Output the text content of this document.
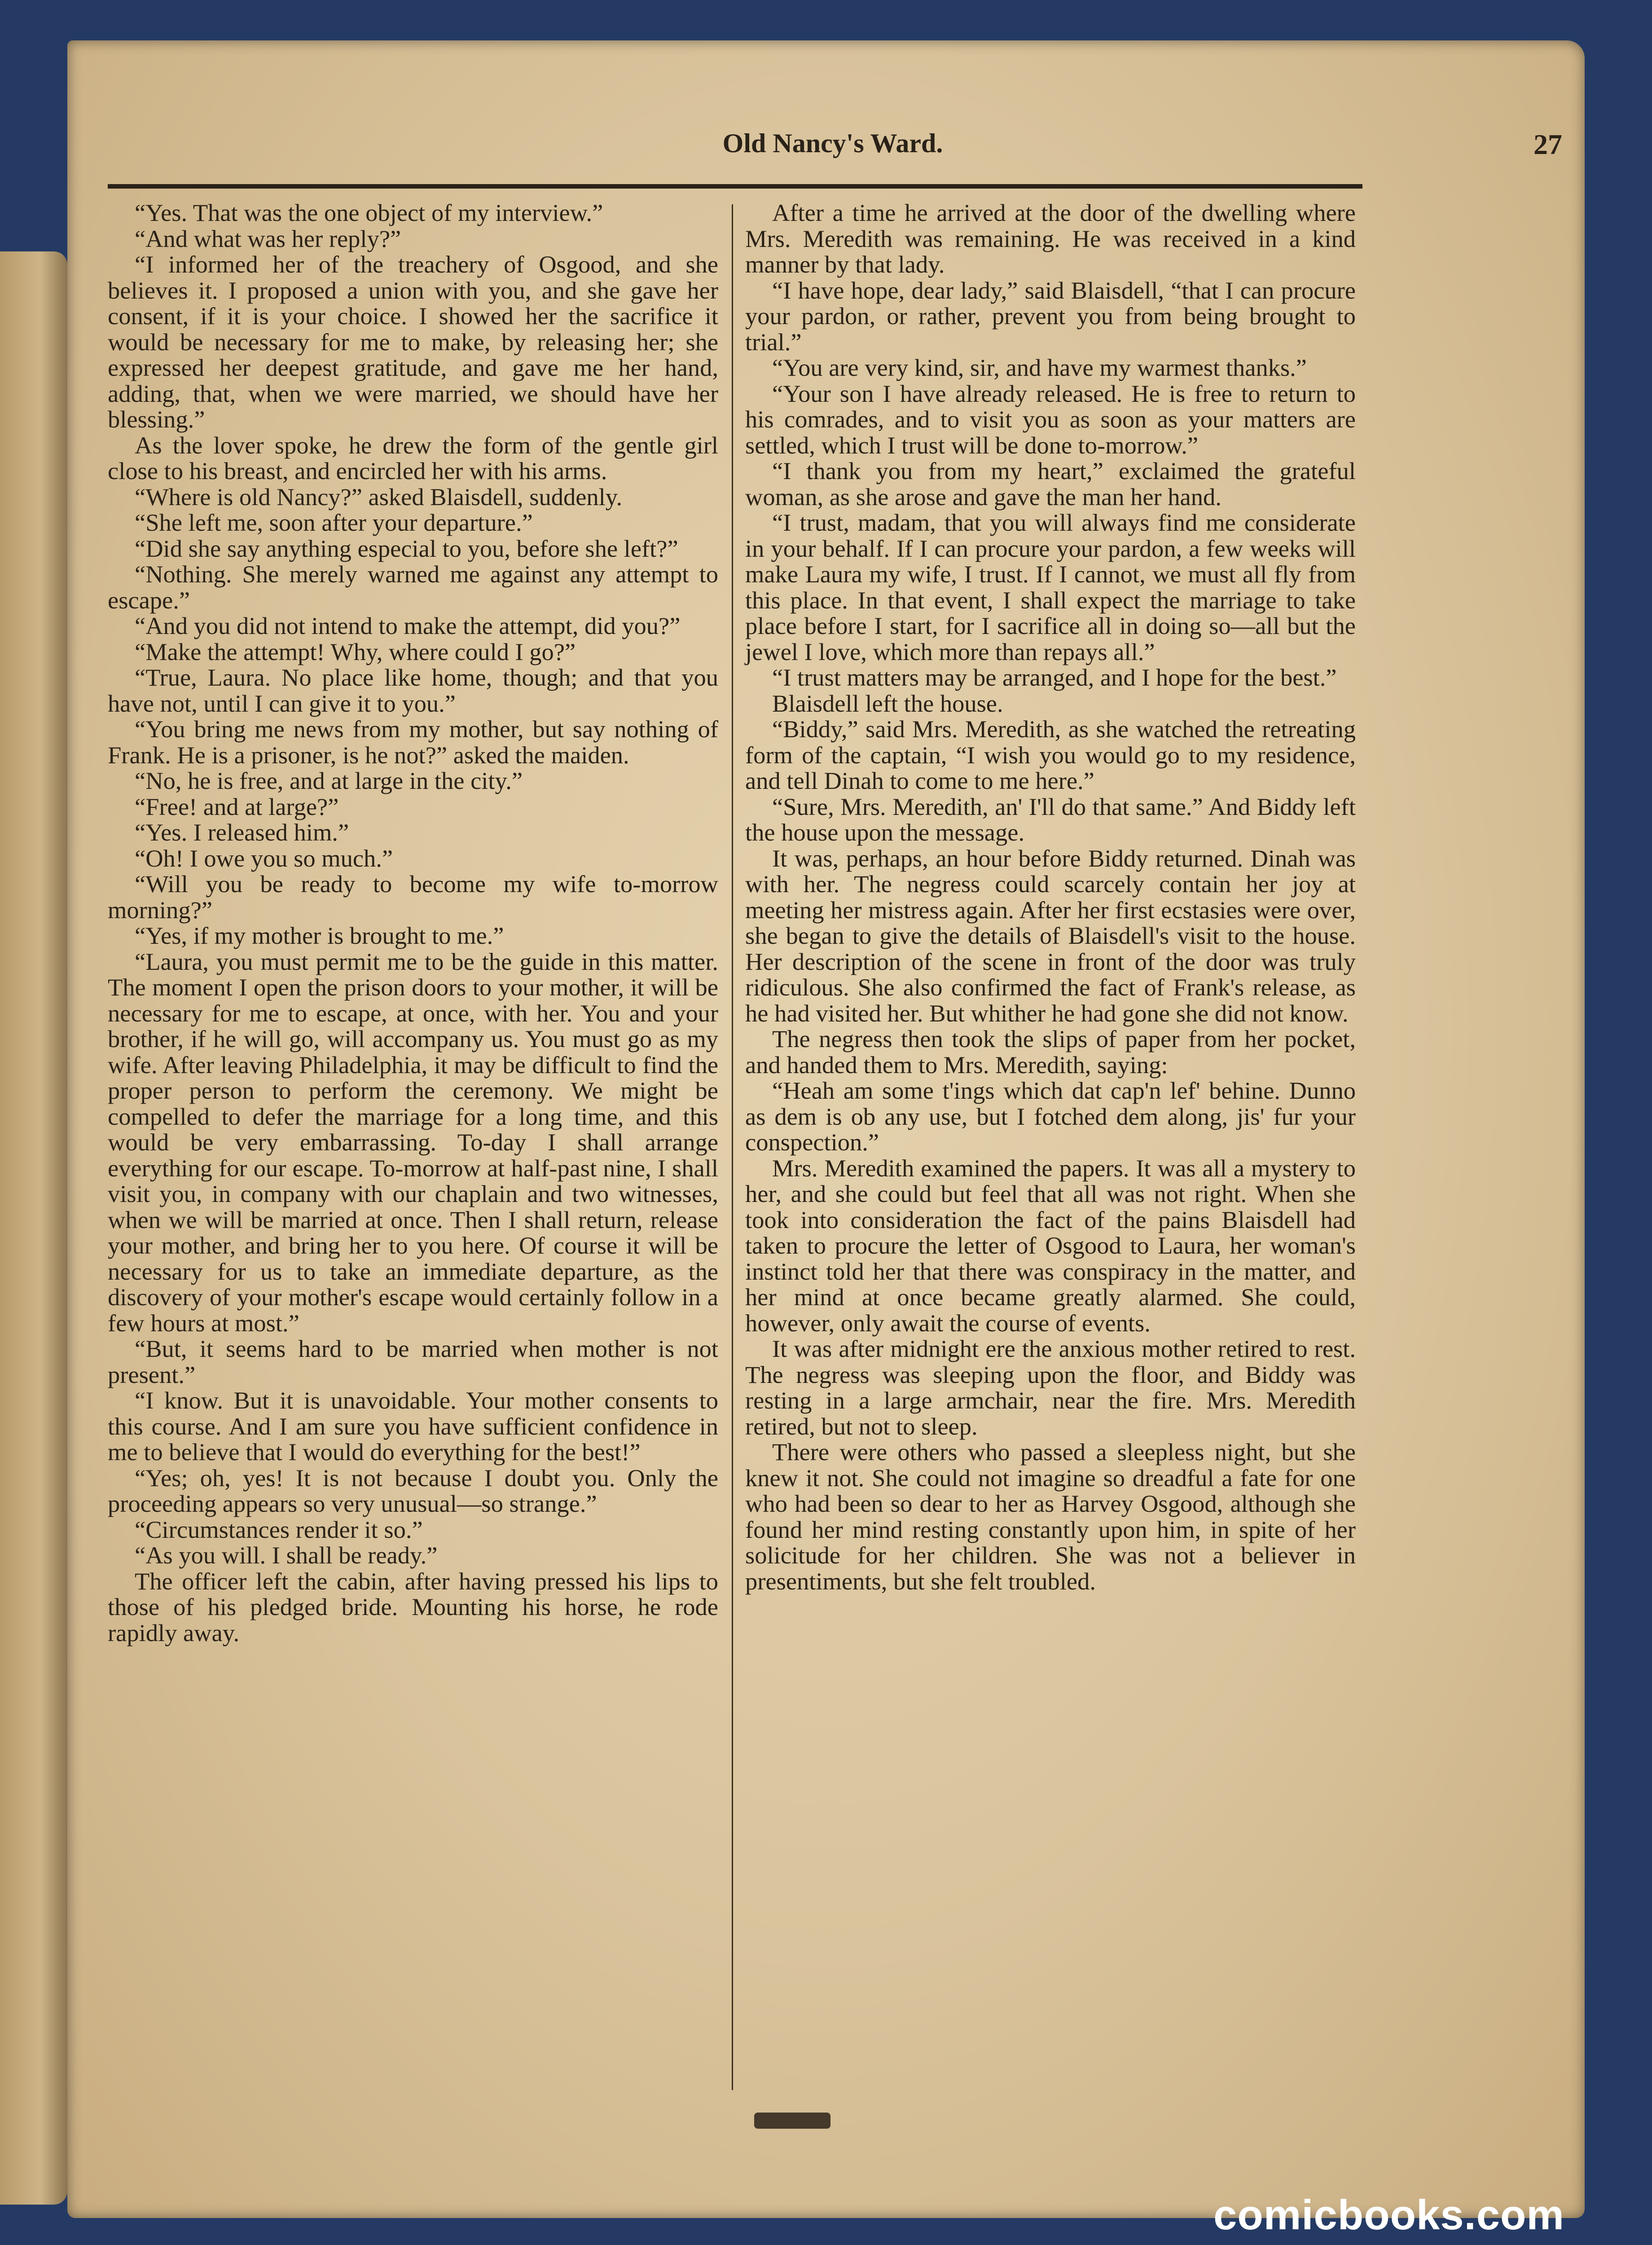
Old Nancy's Ward.	27

“Yes. That was the one object of my interview.”

“And what was her reply?”

“I informed her of the treachery of Osgood, and she believes it. I proposed a union with you, and she gave her consent, if it is your choice. I showed her the sacrifice it would be necessary for me to make, by releasing her; she expressed her deepest gratitude, and gave me her hand, adding, that, when we were married, we should have her blessing.”

As the lover spoke, he drew the form of the gentle girl close to his breast, and encircled her with his arms.

“Where is old Nancy?” asked Blaisdell, suddenly.

“She left me, soon after your departure.”

“Did she say anything especial to you, before she left?”

“Nothing. She merely warned me against any attempt to escape.”

“And you did not intend to make the attempt, did you?”

“Make the attempt! Why, where could I go?”

“True, Laura. No place like home, though; and that you have not, until I can give it to you.”

“You bring me news from my mother, but say nothing of Frank. He is a prisoner, is he not?” asked the maiden.

“No, he is free, and at large in the city.”

“Free! and at large?”

“Yes. I released him.”

“Oh! I owe you so much.”

“Will you be ready to become my wife to-morrow morning?”

“Yes, if my mother is brought to me.”

“Laura, you must permit me to be the guide in this matter. The moment I open the prison doors to your mother, it will be necessary for me to escape, at once, with her. You and your brother, if he will go, will accompany us. You must go as my wife. After leaving Philadelphia, it may be difficult to find the proper person to perform the ceremony. We might be compelled to defer the marriage for a long time, and this would be very embarrassing. To-day I shall arrange everything for our escape. To-morrow at half-past nine, I shall visit you, in company with our chaplain and two witnesses, when we will be married at once. Then I shall return, release your mother, and bring her to you here. Of course it will be necessary for us to take an immediate departure, as the discovery of your mother's escape would certainly follow in a few hours at most.”

“But, it seems hard to be married when mother is not present.”

“I know. But it is unavoidable. Your mother consents to this course. And I am sure you have sufficient confidence in me to believe that I would do everything for the best!”

“Yes; oh, yes! It is not because I doubt you. Only the proceeding appears so very unusual—so strange.”

“Circumstances render it so.”

“As you will. I shall be ready.”

The officer left the cabin, after having pressed his lips to those of his pledged bride. Mounting his horse, he rode rapidly away.

After a time he arrived at the door of the dwelling where Mrs. Meredith was remaining. He was received in a kind manner by that lady.

“I have hope, dear lady,” said Blaisdell, “that I can procure your pardon, or rather, prevent you from being brought to trial.”

“You are very kind, sir, and have my warmest thanks.”

“Your son I have already released. He is free to return to his comrades, and to visit you as soon as your matters are settled, which I trust will be done to-morrow.”

“I thank you from my heart,” exclaimed the grateful woman, as she arose and gave the man her hand.

“I trust, madam, that you will always find me considerate in your behalf. If I can procure your pardon, a few weeks will make Laura my wife, I trust. If I cannot, we must all fly from this place. In that event, I shall expect the marriage to take place before I start, for I sacrifice all in doing so—all but the jewel I love, which more than repays all.”

“I trust matters may be arranged, and I hope for the best.”

Blaisdell left the house.

“Biddy,” said Mrs. Meredith, as she watched the retreating form of the captain, “I wish you would go to my residence, and tell Dinah to come to me here.”

“Sure, Mrs. Meredith, an' I'll do that same.” And Biddy left the house upon the message.

It was, perhaps, an hour before Biddy returned. Dinah was with her. The negress could scarcely contain her joy at meeting her mistress again. After her first ecstasies were over, she began to give the details of Blaisdell's visit to the house. Her description of the scene in front of the door was truly ridiculous. She also confirmed the fact of Frank's release, as he had visited her. But whither he had gone she did not know.

The negress then took the slips of paper from her pocket, and handed them to Mrs. Meredith, saying:

“Heah am some t'ings which dat cap'n lef' behine. Dunno as dem is ob any use, but I fotched dem along, jis' fur your conspection.”

Mrs. Meredith examined the papers. It was all a mystery to her, and she could but feel that all was not right. When she took into consideration the fact of the pains Blaisdell had taken to procure the letter of Osgood to Laura, her woman's instinct told her that there was conspiracy in the matter, and her mind at once became greatly alarmed. She could, however, only await the course of events.

It was after midnight ere the anxious mother retired to rest. The negress was sleeping upon the floor, and Biddy was resting in a large armchair, near the fire. Mrs. Meredith retired, but not to sleep.

There were others who passed a sleepless night, but she knew it not. She could not imagine so dreadful a fate for one who had been so dear to her as Harvey Osgood, although she found her mind resting constantly upon him, in spite of her solicitude for her children. She was not a believer in presentiments, but she felt troubled.

comicbooks.com
